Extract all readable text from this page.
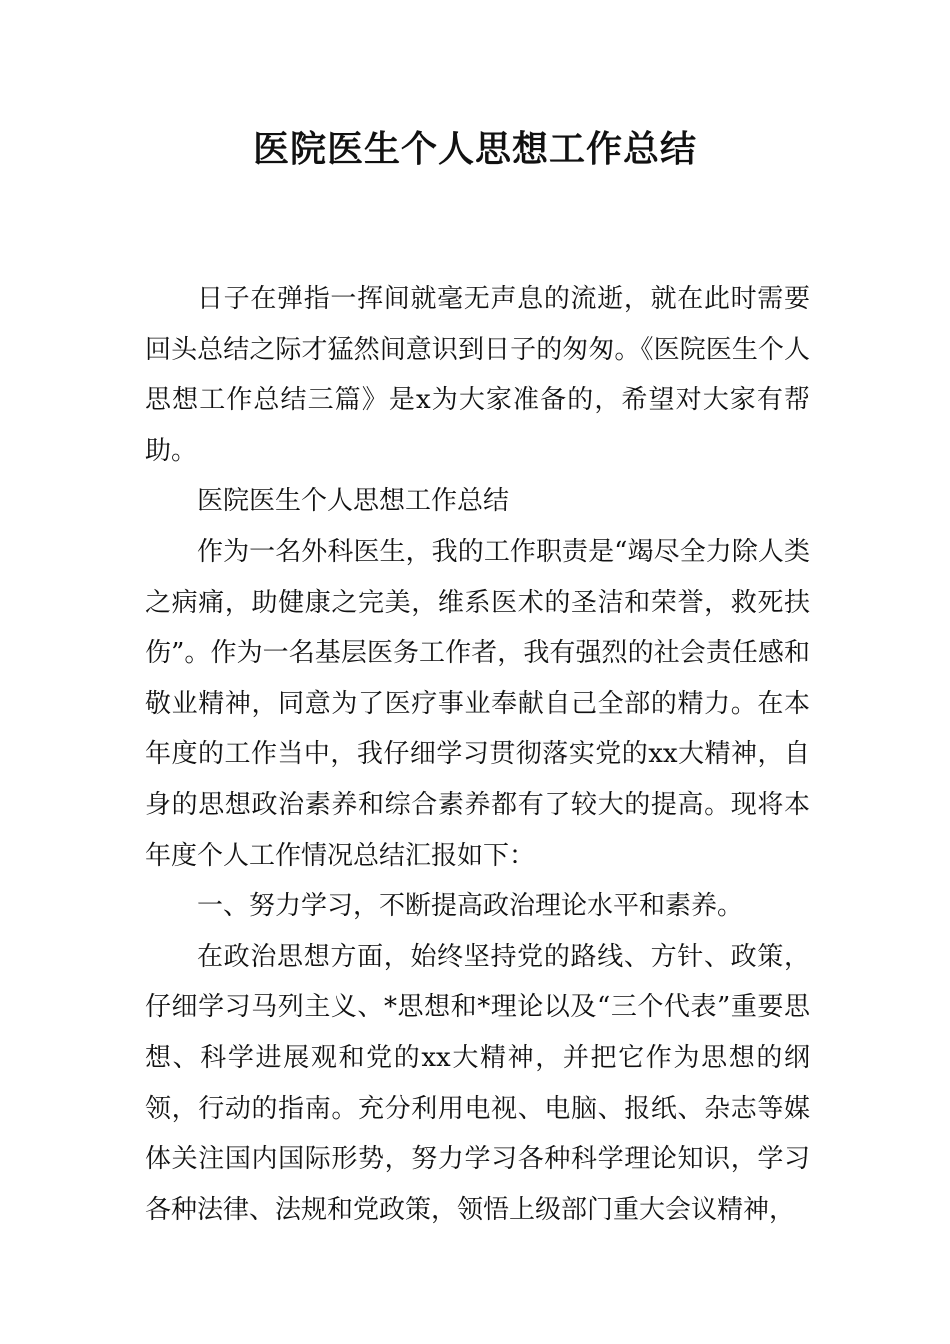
医院医生个人思想工作总结

日子在弹指一挥间就毫无声息的流逝，就在此时需要回头总结之际才猛然间意识到日子的匆匆。《医院医生个人思想工作总结三篇》是x为大家准备的，希望对大家有帮助。

医院医生个人思想工作总结

作为一名外科医生，我的工作职责是“竭尽全力除人类之病痛，助健康之完美，维系医术的圣洁和荣誉，救死扶伤”。作为一名基层医务工作者，我有强烈的社会责任感和敬业精神，同意为了医疗事业奉献自己全部的精力。在本年度的工作当中，我仔细学习贯彻落实党的xx大精神，自身的思想政治素养和综合素养都有了较大的提高。现将本年度个人工作情况总结汇报如下：

一、努力学习，不断提高政治理论水平和素养。

在政治思想方面，始终坚持党的路线、方针、政策，仔细学习马列主义、*思想和*理论以及“三个代表”重要思想、科学进展观和党的xx大精神，并把它作为思想的纲领，行动的指南。充分利用电视、电脑、报纸、杂志等媒体关注国内国际形势，努力学习各种科学理论知识，学习各种法律、法规和党政策，领悟上级部门重大会议精神，
